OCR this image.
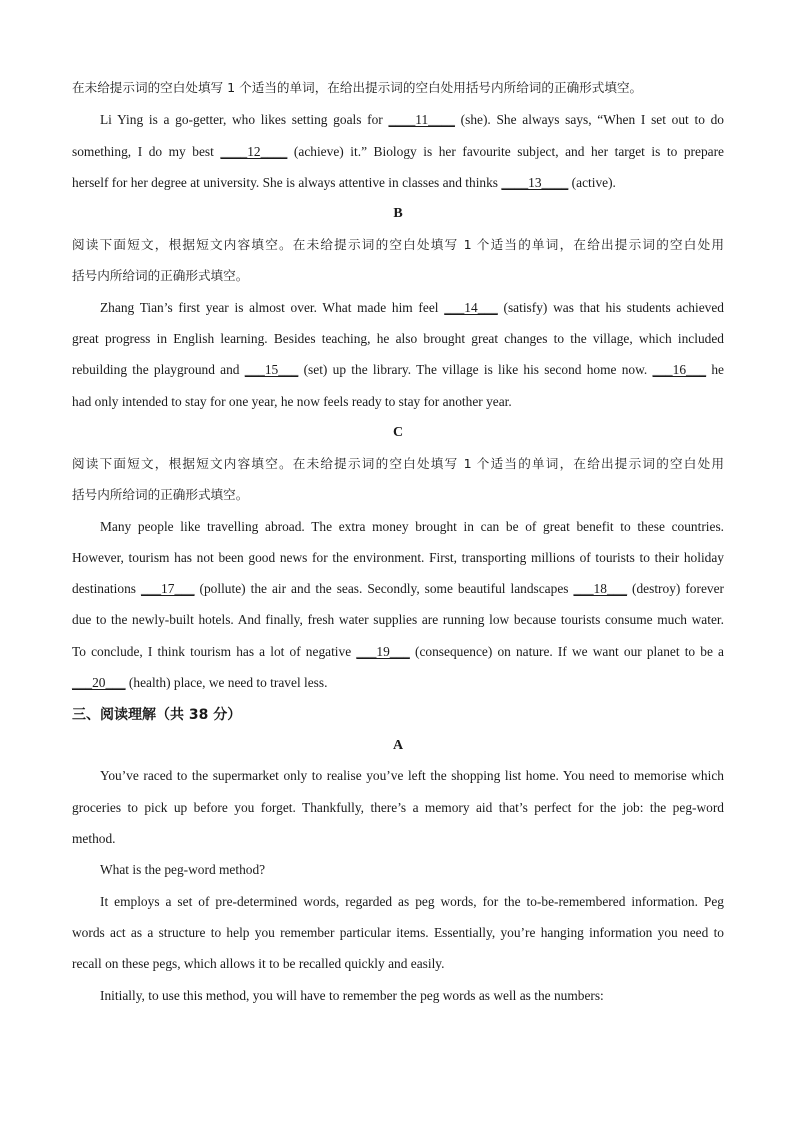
在未给提示词的空白处填写 1 个适当的单词，在给出提示词的空白处用括号内所给词的正确形式填空。
Li Ying is a go-getter, who likes setting goals for ____11____ (she). She always says, “When I set out to do
something, I do my best ____12____ (achieve) it.” Biology is her favourite subject, and her target is to prepare
herself for her degree at university. She is always attentive in classes and thinks ____13____ (active).
B
阅读下面短文，根据短文内容填空。在未给提示词的空白处填写 1 个适当的单词，在给出提示词的空白处用
括号内所给词的正确形式填空。
Zhang Tian’s first year is almost over. What made him feel ___14___ (satisfy) was that his students achieved
great progress in English learning. Besides teaching, he also brought great changes to the village, which included
rebuilding the playground and ___15___ (set) up the library. The village is like his second home now. ___16___ he
had only intended to stay for one year, he now feels ready to stay for another year.
C
阅读下面短文，根据短文内容填空。在未给提示词的空白处填写 1 个适当的单词，在给出提示词的空白处用
括号内所给词的正确形式填空。
Many people like travelling abroad. The extra money brought in can be of great benefit to these countries.
However, tourism has not been good news for the environment. First, transporting millions of tourists to their holiday
destinations ___17___ (pollute) the air and the seas. Secondly, some beautiful landscapes ___18___ (destroy) forever
due to the newly-built hotels. And finally, fresh water supplies are running low because tourists consume much water.
To conclude, I think tourism has a lot of negative ___19___ (consequence) on nature. If we want our planet to be a
___20___ (health) place, we need to travel less.
三、阅读理解（共 38 分）
A
You’ve raced to the supermarket only to realise you’ve left the shopping list home. You need to memorise which
groceries to pick up before you forget. Thankfully, there’s a memory aid that’s perfect for the job: the peg-word
method.
What is the peg-word method?
It employs a set of pre-determined words, regarded as peg words, for the to-be-remembered information. Peg
words act as a structure to help you remember particular items. Essentially, you’re hanging information you need to
recall on these pegs, which allows it to be recalled quickly and easily.
Initially, to use this method, you will have to remember the peg words as well as the numbers:
